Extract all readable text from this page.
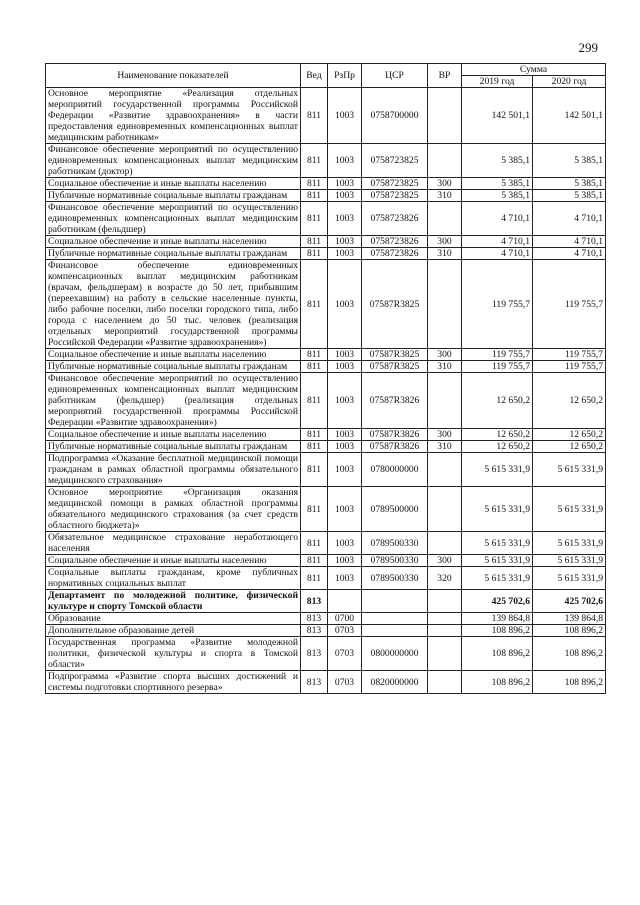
299
Наименование показателей	Вед	РзПр	ЦСР	ВР	Сумма	
					2019 год	2020 год
Основное мероприятие «Реализация отдельных мероприятий государственной программы Российской Федерации «Развитие здравоохранения» в части предоставления единовременных компенсационных выплат медицинским работникам»	811	1003	0758700000		142 501,1	142 501,1
Финансовое обеспечение мероприятий по осуществлению единовременных компенсационных выплат медицинским работникам (доктор)	811	1003	0758723825		5 385,1	5 385,1
Социальное обеспечение и иные выплаты населению	811	1003	0758723825	300	5 385,1	5 385,1
Публичные нормативные социальные выплаты гражданам	811	1003	0758723825	310	5 385,1	5 385,1
Финансовое обеспечение мероприятий по осуществлению единовременных компенсационных выплат медицинским работникам (фельдшер)	811	1003	0758723826		4 710,1	4 710,1
Социальное обеспечение и иные выплаты населению	811	1003	0758723826	300	4 710,1	4 710,1
Публичные нормативные социальные выплаты гражданам	811	1003	0758723826	310	4 710,1	4 710,1
Финансовое обеспечение единовременных компенсационных выплат медицинским работникам (врачам, фельдшерам) в возрасте до 50 лет, прибывшим (переехавшим) на работу в сельские населенные пункты, либо рабочие поселки, либо поселки городского типа, либо города с населением до 50 тыс. человек (реализация отдельных мероприятий государственной программы Российской Федерации «Развитие здравоохранения»)	811	1003	07587R3825		119 755,7	119 755,7
Социальное обеспечение и иные выплаты населению	811	1003	07587R3825	300	119 755,7	119 755,7
Публичные нормативные социальные выплаты гражданам	811	1003	07587R3825	310	119 755,7	119 755,7
Финансовое обеспечение мероприятий по осуществлению единовременных компенсационных выплат медицинским работникам (фельдшер) (реализация отдельных мероприятий государственной программы Российской Федерации «Развитие здравоохранения»)	811	1003	07587R3826		12 650,2	12 650,2
Социальное обеспечение и иные выплаты населению	811	1003	07587R3826	300	12 650,2	12 650,2
Публичные нормативные социальные выплаты гражданам	811	1003	07587R3826	310	12 650,2	12 650,2
Подпрограмма «Оказание бесплатной медицинской помощи гражданам в рамках областной программы обязательного медицинского страхования»	811	1003	0780000000		5 615 331,9	5 615 331,9
Основное мероприятие «Организация оказания медицинской помощи в рамках областной программы обязательного медицинского страхования (за счет средств областного бюджета)»	811	1003	0789500000		5 615 331,9	5 615 331,9
Обязательное медицинское страхование неработающего населения	811	1003	0789500330		5 615 331,9	5 615 331,9
Социальное обеспечение и иные выплаты населению	811	1003	0789500330	300	5 615 331,9	5 615 331,9
Социальные выплаты гражданам, кроме публичных нормативных социальных выплат	811	1003	0789500330	320	5 615 331,9	5 615 331,9
Департамент по молодежной политике, физической культуре и спорту Томской области	813				425 702,6	425 702,6
Образование	813	0700			139 864,8	139 864,8
Дополнительное образование детей	813	0703			108 896,2	108 896,2
Государственная программа «Развитие молодежной политики, физической культуры и спорта в Томской области»	813	0703	0800000000		108 896,2	108 896,2
Подпрограмма «Развитие спорта высших достижений и системы подготовки спортивного резерва»	813	0703	0820000000		108 896,2	108 896,2
